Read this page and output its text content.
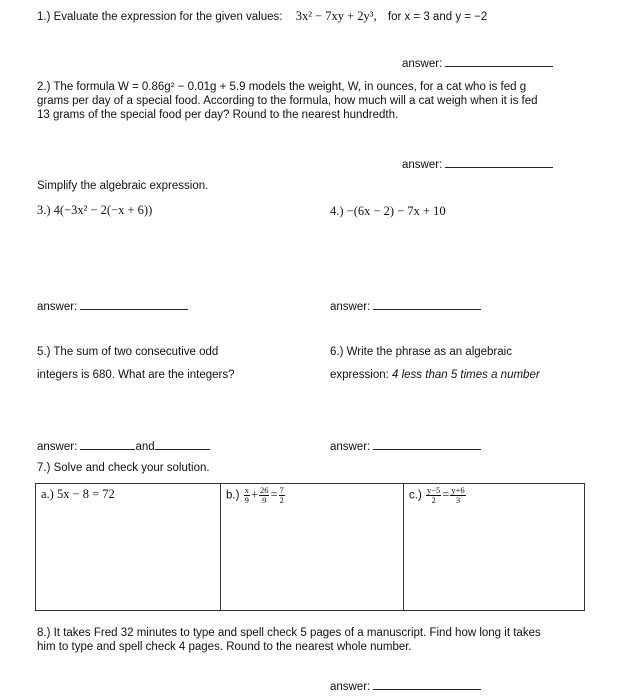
1.) Evaluate the expression for the given values: 3x² − 7xy + 2y³, for x = 3 and y = −2
answer:
2.) The formula W = 0.86g² − 0.01g + 5.9 models the weight, W, in ounces, for a cat who is fed g
grams per day of a special food. According to the formula, how much will a cat weigh when it is fed
13 grams of the special food per day? Round to the nearest hundredth.
answer:
Simplify the algebraic expression.
3.) 4(−3x² − 2(−x + 6))
answer:
4.) −(6x − 2) − 7x + 10
answer:
5.) The sum of two consecutive odd
integers is 680. What are the integers?
answer:	and
6.) Write the phrase as an algebraic
expression: 4 less than 5 times a number
answer:
7.) Solve and check your solution.
a.) 5x − 8 = 72	$b.) \frac{x}{9} + \frac{26}{9} = \frac{7}{2}$	$c.) \frac{y-5}{2} = \frac{y+6}{3}$
8.) It takes Fred 32 minutes to type and spell check 5 pages of a manuscript. Find how long it takes
him to type and spell check 4 pages. Round to the nearest whole number.
answer:
